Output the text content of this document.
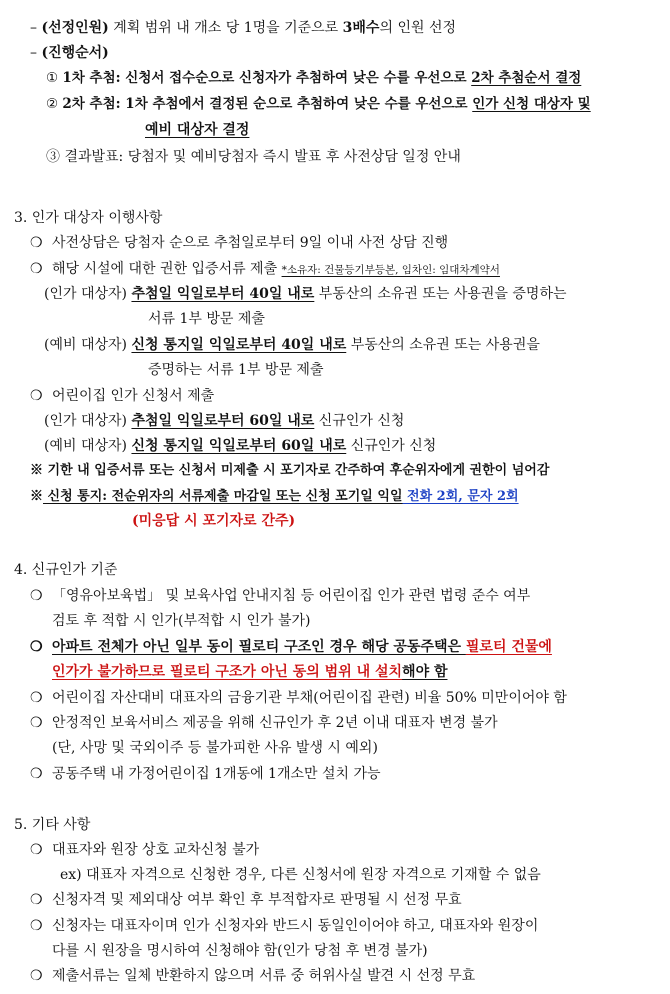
– (선정인원) 계획 범위 내 개소 당 1명을 기준으로 3배수의 인원 선정
– (진행순서)
① 1차 추첨: 신청서 접수순으로 신청자가 추첨하여 낮은 수를 우선으로 2차 추첨순서 결정
② 2차 추첨: 1차 추첨에서 결정된 순으로 추첨하여 낮은 수를 우선으로 인가 신청 대상자 및
예비 대상자 결정
③ 결과발표: 당첨자 및 예비당첨자 즉시 발표 후 사전상담 일정 안내
3. 인가 대상자 이행사항
❍ 사전상담은 당첨자 순으로 추첨일로부터 9일 이내 사전 상담 진행
❍ 해당 시설에 대한 권한 입증서류 제출 *소유자: 건물등기부등본, 임차인: 임대차계약서
(인가 대상자) 추첨일 익일로부터 40일 내로 부동산의 소유권 또는 사용권을 증명하는
서류 1부 방문 제출
(예비 대상자) 신청 통지일 익일로부터 40일 내로 부동산의 소유권 또는 사용권을
증명하는 서류 1부 방문 제출
❍ 어린이집 인가 신청서 제출
(인가 대상자) 추첨일 익일로부터 60일 내로 신규인가 신청
(예비 대상자) 신청 통지일 익일로부터 60일 내로 신규인가 신청
※ 기한 내 입증서류 또는 신청서 미제출 시 포기자로 간주하여 후순위자에게 권한이 넘어감
※ 신청 통지: 전순위자의 서류제출 마감일 또는 신청 포기일 익일 전화 2회, 문자 2회
(미응답 시 포기자로 간주)
4. 신규인가 기준
❍ 「영유아보육법」 및 보육사업 안내지침 등 어린이집 인가 관련 법령 준수 여부
검토 후 적합 시 인가(부적합 시 인가 불가)
❍ 아파트 전체가 아닌 일부 동이 필로티 구조인 경우 해당 공동주택은 필로티 건물에
인가가 불가하므로 필로티 구조가 아닌 동의 범위 내 설치해야 함
❍ 어린이집 자산대비 대표자의 금융기관 부채(어린이집 관련) 비율 50% 미만이어야 함
❍ 안정적인 보육서비스 제공을 위해 신규인가 후 2년 이내 대표자 변경 불가
(단, 사망 및 국외이주 등 불가피한 사유 발생 시 예외)
❍ 공동주택 내 가정어린이집 1개동에 1개소만 설치 가능
5. 기타 사항
❍ 대표자와 원장 상호 교차신청 불가
ex) 대표자 자격으로 신청한 경우, 다른 신청서에 원장 자격으로 기재할 수 없음
❍ 신청자격 및 제외대상 여부 확인 후 부적합자로 판명될 시 선정 무효
❍ 신청자는 대표자이며 인가 신청자와 반드시 동일인이어야 하고, 대표자와 원장이
다를 시 원장을 명시하여 신청해야 함(인가 당첨 후 변경 불가)
❍ 제출서류는 일체 반환하지 않으며 서류 중 허위사실 발견 시 선정 무효
